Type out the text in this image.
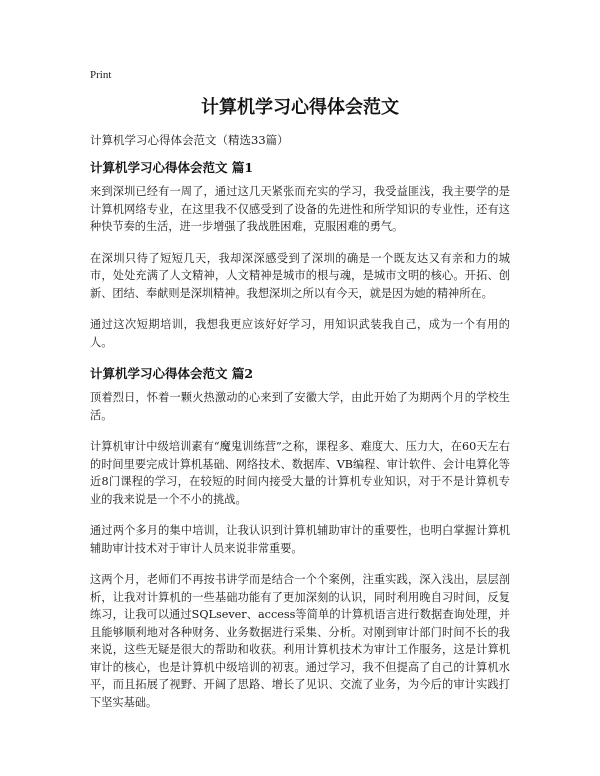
Print
计算机学习心得体会范文
计算机学习心得体会范文（精选33篇）
计算机学习心得体会范文 篇1

来到深圳已经有一周了，通过这几天紧张而充实的学习，我受益匪浅，我主要学的是计算机网络专业，在这里我不仅感受到了设备的先进性和所学知识的专业性，还有这种快节奏的生活，进一步增强了我战胜困难，克服困难的勇气。

在深圳只待了短短几天，我却深深感受到了深圳的确是一个既友达又有亲和力的城市，处处充满了人文精神，人文精神是城市的根与魂，是城市文明的核心。开拓、创新、团结、奉献则是深圳精神。我想深圳之所以有今天，就是因为她的精神所在。

通过这次短期培训，我想我更应该好好学习，用知识武装我自己，成为一个有用的人。

计算机学习心得体会范文 篇2

顶着烈日，怀着一颗火热激动的心来到了安徽大学，由此开始了为期两个月的学校生活。

计算机审计中级培训素有“魔鬼训练营”之称，课程多、难度大、压力大，在60天左右的时间里要完成计算机基础、网络技术、数据库、VB编程、审计软件、会计电算化等近8门课程的学习，在较短的时间内接受大量的计算机专业知识，对于不是计算机专业的我来说是一个不小的挑战。

通过两个多月的集中培训，让我认识到计算机辅助审计的重要性，也明白掌握计算机辅助审计技术对于审计人员来说非常重要。

这两个月，老师们不再按书讲学而是结合一个个案例，注重实践，深入浅出，层层剖析，让我对计算机的一些基础功能有了更加深刻的认识，同时利用晚自习时间，反复练习，让我可以通过SQLsever、access等简单的计算机语言进行数据查询处理，并且能够顺利地对各种财务、业务数据进行采集、分析。对刚到审计部门时间不长的我来说，这些无疑是很大的帮助和收获。利用计算机技术为审计工作服务，这是计算机审计的核心，也是计算机中级培训的初衷。通过学习，我不但提高了自己的计算机水平，而且拓展了视野、开阔了思路、增长了见识、交流了业务，为今后的审计实践打下坚实基础。
